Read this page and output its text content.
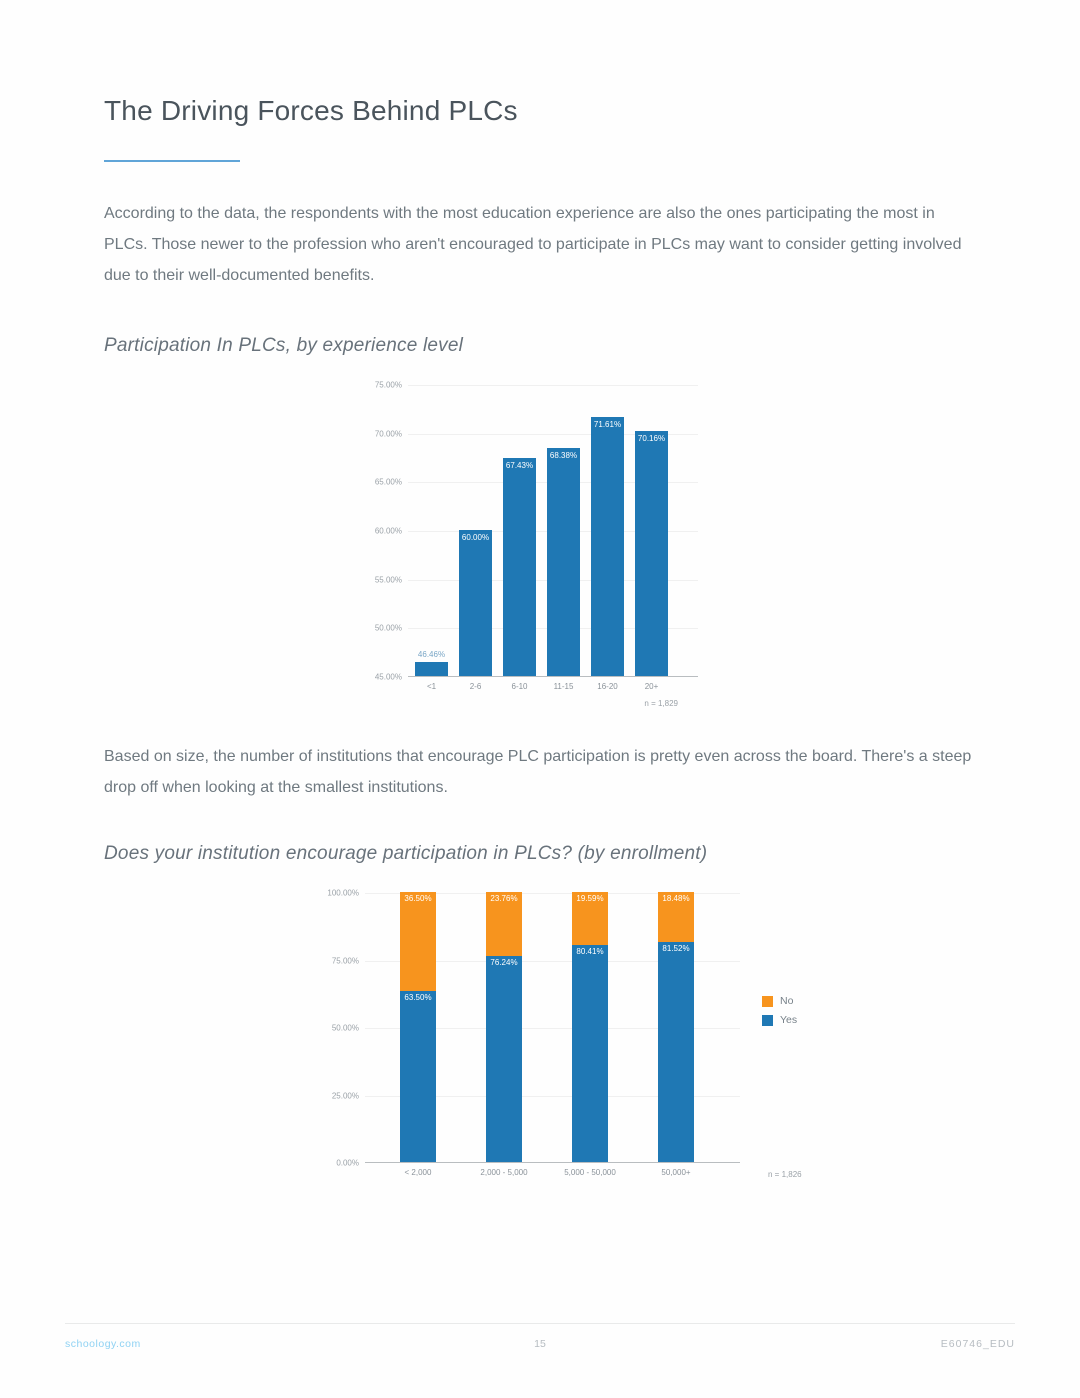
The Driving Forces Behind PLCs

According to the data, the respondents with the most education experience are also the ones participating the most in PLCs. Those newer to the profession who aren't encouraged to participate in PLCs may want to consider getting involved due to their well-documented benefits.

Participation In PLCs, by experience level
75.00%
70.00%
65.00%
60.00%
55.00%
50.00%
45.00%
46.46%
<1
60.00%
2-6
67.43%
6-10
68.38%
11-15
71.61%
16-20
70.16%
20+
n = 1,829

Based on size, the number of institutions that encourage PLC participation is pretty even across the board. There's a steep drop off when looking at the smallest institutions.

Does your institution encourage participation in PLCs? (by enrollment)
100.00%
75.00%
50.00%
25.00%
0.00%
63.50%
36.50%
< 2,000
76.24%
23.76%
2,000 - 5,000
80.41%
19.59%
5,000 - 50,000
81.52%
18.48%
50,000+
No
Yes
n = 1,826
schoology.com	15	E60746_EDU
